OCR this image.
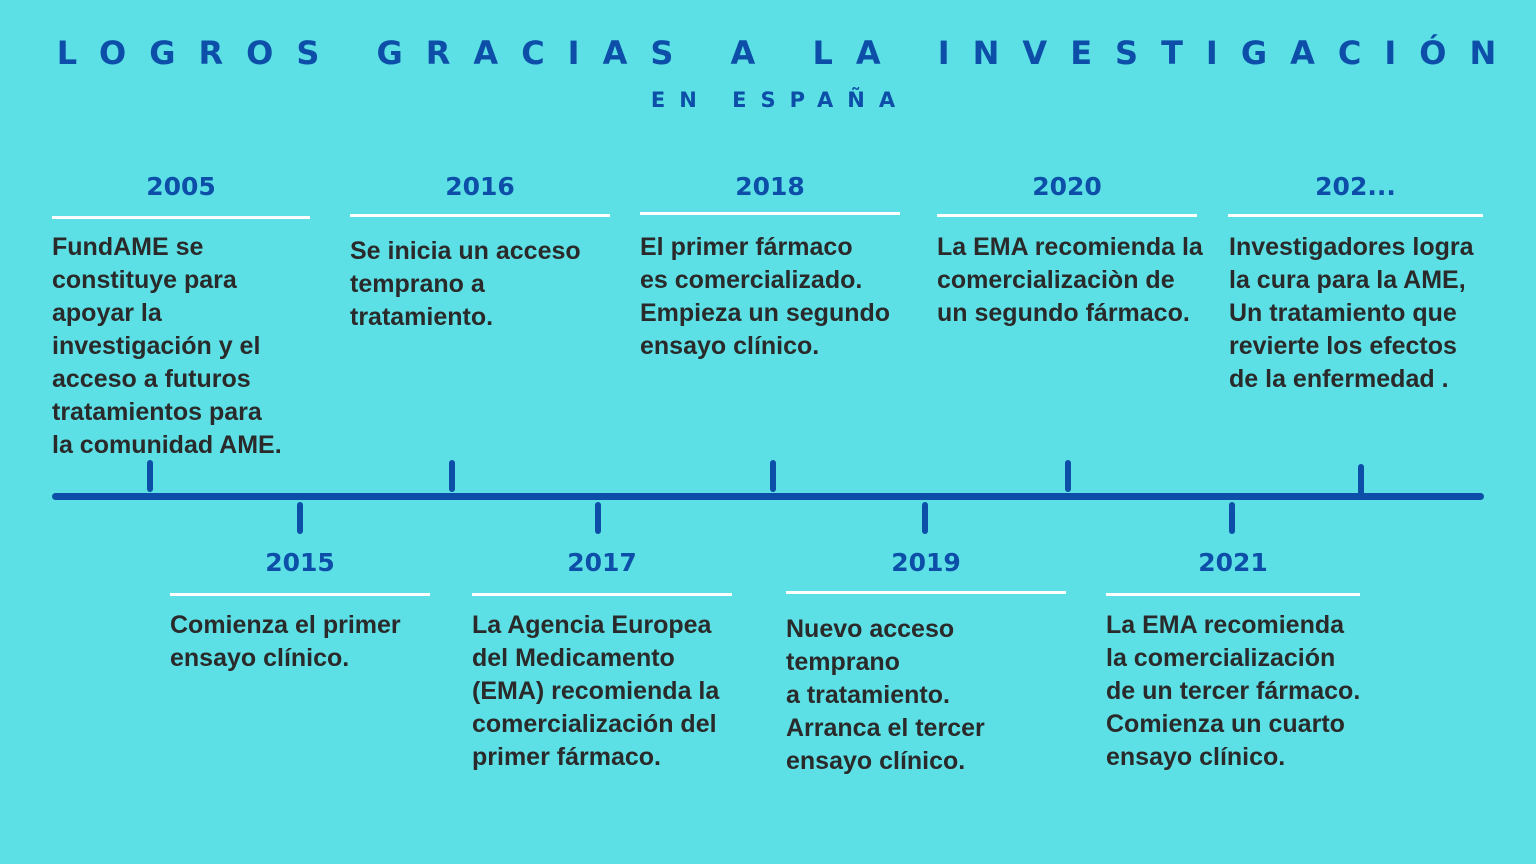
LOGROS GRACIAS A LA INVESTIGACIÓN
EN ESPAÑA
2005
FundAME se
constituye para
apoyar la
investigación y el
acceso a futuros
tratamientos para
la comunidad AME.
2016
Se inicia un acceso
temprano a
tratamiento.
2018
El primer fármaco
es comercializado.
Empieza un segundo
ensayo clínico.
2020
La EMA recomienda la
comercializaciòn de
un segundo fármaco.
202...
Investigadores logra
la cura para la AME,
Un tratamiento que
revierte los efectos
de la enfermedad .
2015
Comienza el primer
ensayo clínico.
2017
La Agencia Europea
del Medicamento
(EMA) recomienda la
comercialización del
primer fármaco.
2019
Nuevo acceso
temprano
a tratamiento.
Arranca el tercer
ensayo clínico.
2021
La EMA recomienda
la comercialización
de un tercer fármaco.
Comienza un cuarto
ensayo clínico.
